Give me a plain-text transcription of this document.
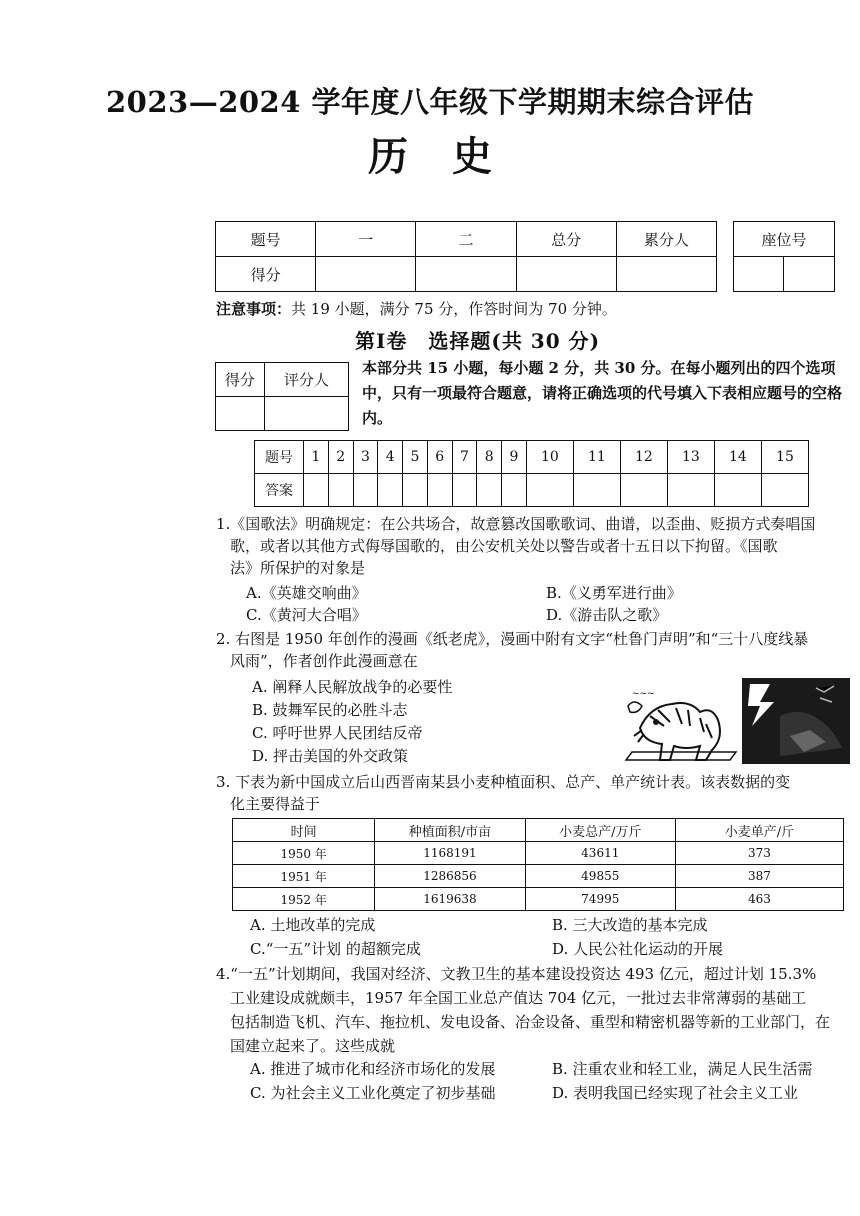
2023—2024 学年度八年级下学期期末综合评估
历史
题号	一	二	总分	累分人
得分				
座位号

注意事项：共 19 小题，满分 75 分，作答时间为 70 分钟。
第Ⅰ卷　选择题(共 30 分)
得分	评分人

本部分共 15 小题，每小题 2 分，共 30 分。在每小题列出的四个选项中，只有一项最符合题意，请将正确选项的代号填入下表相应题号的空格内。
题号	1	2	3	4	5	6	7	8	9	10	11	12	13	14	15
答案															
1.《国歌法》明确规定：在公共场合，故意篡改国歌歌词、曲谱，以歪曲、贬损方式奏唱国
歌，或者以其他方式侮辱国歌的，由公安机关处以警告或者十五日以下拘留。《国歌
法》所保护的对象是
A.《英雄交响曲》	B.《义勇军进行曲》
C.《黄河大合唱》	D.《游击队之歌》
2. 右图是 1950 年创作的漫画《纸老虎》，漫画中附有文字“杜鲁门声明”和“三十八度线暴
风雨”，作者创作此漫画意在
A. 阐释人民解放战争的必要性
B. 鼓舞军民的必胜斗志
C. 呼吁世界人民团结反帝
D. 抨击美国的外交政策
~~~
3. 下表为新中国成立后山西晋南某县小麦种植面积、总产、单产统计表。该表数据的变
化主要得益于
时间	种植面积/市亩	小麦总产/万斤	小麦单产/斤
1950 年	1168191	43611	373
1951 年	1286856	49855	387
1952 年	1619638	74995	463
A. 土地改革的完成	B. 三大改造的基本完成
C.“一五”计划 的超额完成	D. 人民公社化运动的开展
4.“一五”计划期间，我国对经济、文教卫生的基本建设投资达 493 亿元，超过计划 15.3%
工业建设成就颇丰，1957 年全国工业总产值达 704 亿元，一批过去非常薄弱的基础工
包括制造飞机、汽车、拖拉机、发电设备、冶金设备、重型和精密机器等新的工业部门，在
国建立起来了。这些成就
A. 推进了城市化和经济市场化的发展	B. 注重农业和轻工业，满足人民生活需
C. 为社会主义工业化奠定了初步基础	D. 表明我国已经实现了社会主义工业
